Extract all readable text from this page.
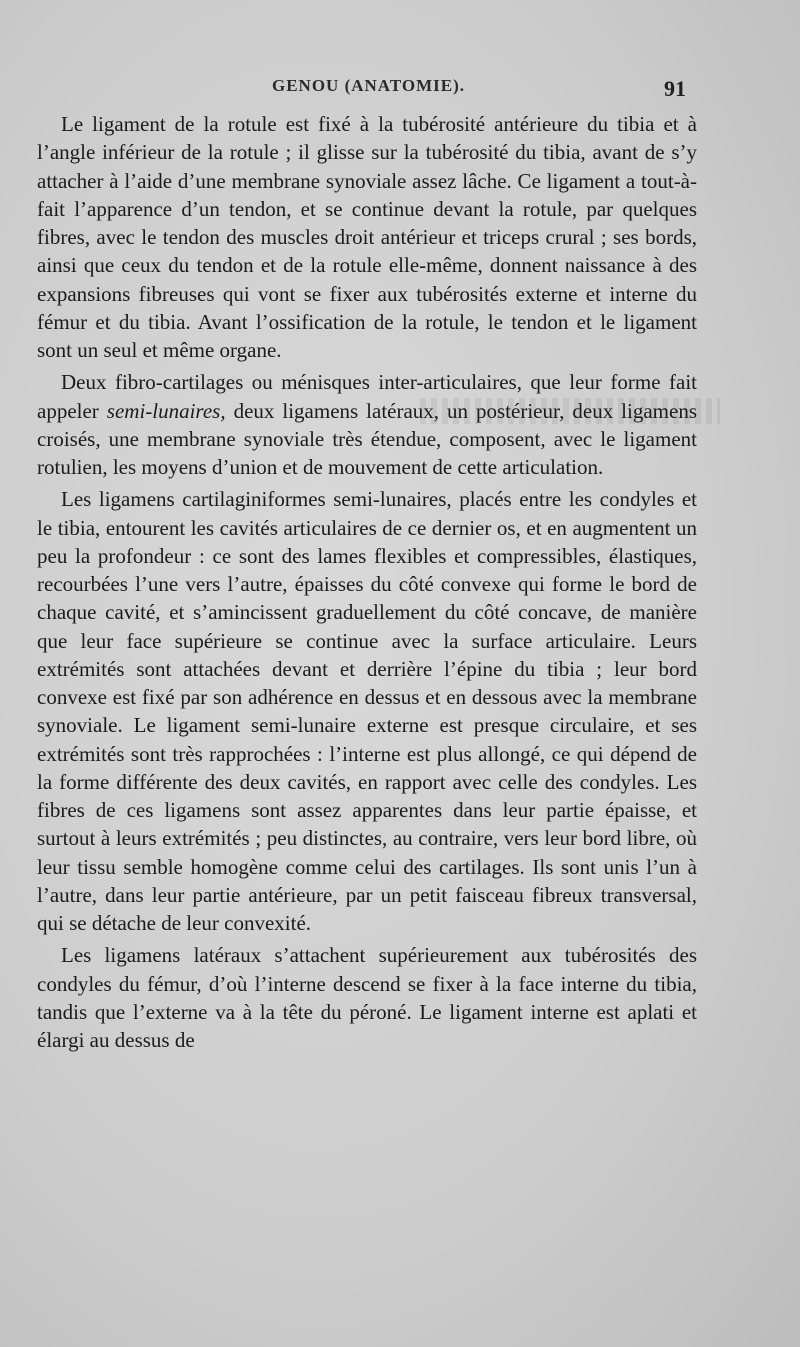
GENOU (ANATOMIE).	91

Le ligament de la rotule est fixé à la tubérosité antérieure du tibia et à l’angle inférieur de la rotule ; il glisse sur la tubérosité du tibia, avant de s’y attacher à l’aide d’une membrane synoviale assez lâche. Ce ligament a tout-à-fait l’apparence d’un tendon, et se continue devant la rotule, par quelques fibres, avec le tendon des muscles droit antérieur et triceps crural ; ses bords, ainsi que ceux du tendon et de la rotule elle-même, donnent naissance à des expansions fibreuses qui vont se fixer aux tubérosités externe et interne du fémur et du tibia. Avant l’ossification de la rotule, le tendon et le ligament sont un seul et même organe.

Deux fibro-cartilages ou ménisques inter-articulaires, que leur forme fait appeler semi-lunaires, deux ligamens latéraux, un postérieur, deux ligamens croisés, une membrane synoviale très étendue, composent, avec le ligament rotulien, les moyens d’union et de mouvement de cette articulation.

Les ligamens cartilaginiformes semi-lunaires, placés entre les condyles et le tibia, entourent les cavités articulaires de ce dernier os, et en augmentent un peu la profondeur : ce sont des lames flexibles et compressibles, élastiques, recourbées l’une vers l’autre, épaisses du côté convexe qui forme le bord de chaque cavité, et s’amincissent graduellement du côté concave, de manière que leur face supérieure se continue avec la surface articulaire. Leurs extrémités sont attachées devant et derrière l’épine du tibia ; leur bord convexe est fixé par son adhérence en dessus et en dessous avec la membrane synoviale. Le ligament semi-lunaire externe est presque circulaire, et ses extrémités sont très rapprochées : l’interne est plus allongé, ce qui dépend de la forme différente des deux cavités, en rapport avec celle des condyles. Les fibres de ces ligamens sont assez apparentes dans leur partie épaisse, et surtout à leurs extrémités ; peu distinctes, au contraire, vers leur bord libre, où leur tissu semble homogène comme celui des cartilages. Ils sont unis l’un à l’autre, dans leur partie antérieure, par un petit faisceau fibreux transversal, qui se détache de leur convexité.

Les ligamens latéraux s’attachent supérieurement aux tubérosités des condyles du fémur, d’où l’interne descend se fixer à la face interne du tibia, tandis que l’externe va à la tête du péroné. Le ligament interne est aplati et élargi au dessus de
